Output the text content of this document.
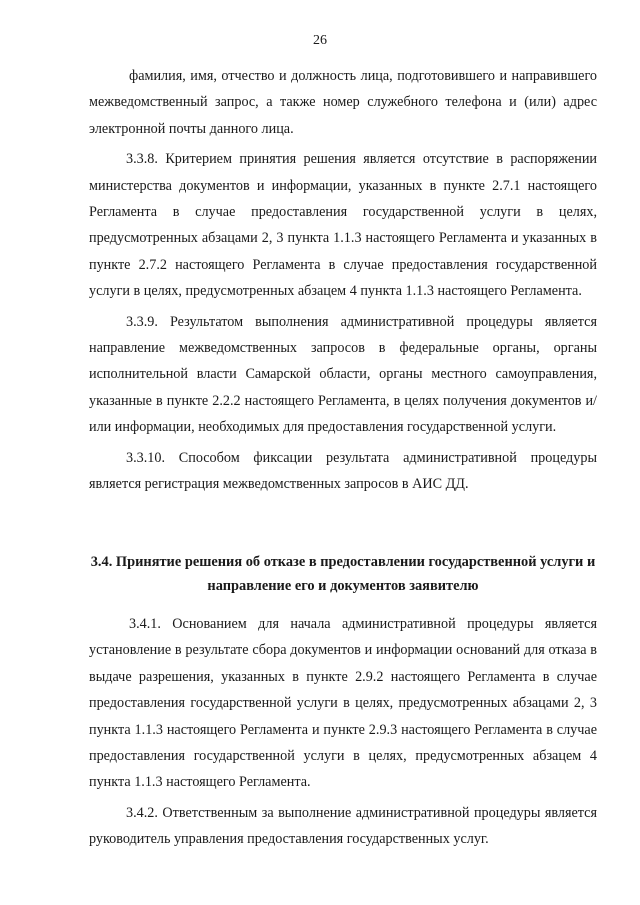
26

фамилия, имя, отчество и должность лица, подготовившего и направившего межведомственный запрос, а также номер служебного телефона и (или) адрес электронной почты данного лица.

3.3.8. Критерием принятия решения является отсутствие в распоряжении министерства документов и информации, указанных в пункте 2.7.1 настоящего Регламента в случае предоставления государственной услуги в целях, предусмотренных абзацами 2, 3 пункта 1.1.3 настоящего Регламента и указанных в пункте 2.7.2 настоящего Регламента в случае предоставления государственной услуги в целях, предусмотренных абзацем 4 пункта 1.1.3 настоящего Регламента.

3.3.9. Результатом выполнения административной процедуры является направление межведомственных запросов в федеральные органы, органы исполнительной власти Самарской области, органы местного самоуправления, указанные в пункте 2.2.2 настоящего Регламента, в целях получения документов и/или информации, необходимых для предоставления государственной услуги.

3.3.10. Способом фиксации результата административной процедуры является регистрация межведомственных запросов в АИС ДД.

3.4. Принятие решения об отказе в предоставлении государственной услуги и направление его и документов заявителю

3.4.1. Основанием для начала административной процедуры является установление в результате сбора документов и информации оснований для отказа в выдаче разрешения, указанных в пункте 2.9.2 настоящего Регламента в случае предоставления государственной услуги в целях, предусмотренных абзацами 2, 3 пункта 1.1.3 настоящего Регламента и пункте 2.9.3 настоящего Регламента в случае предоставления государственной услуги в целях, предусмотренных абзацем 4 пункта 1.1.3 настоящего Регламента.

3.4.2. Ответственным за выполнение административной процедуры является руководитель управления предоставления государственных услуг.
